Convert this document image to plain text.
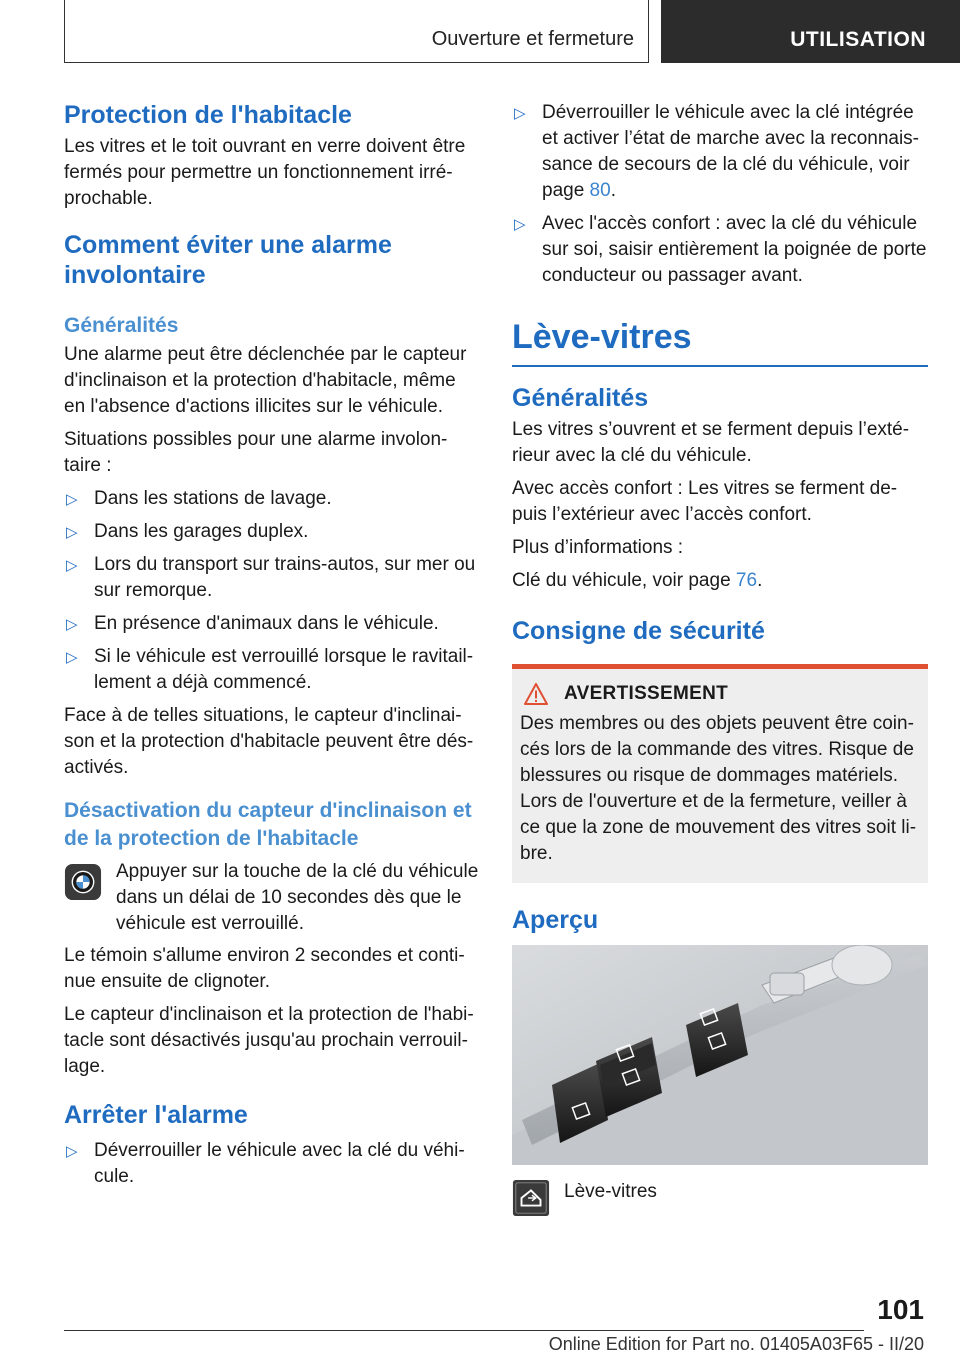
Ouverture et fermeture	UTILISATION
Protection de l'habitacle

Les vitres et le toit ouvrant en verre doivent être fermés pour permettre un fonctionnement irré-prochable.

Comment éviter une alarme involontaire
Généralités

Une alarme peut être déclenchée par le capteur d'inclinaison et la protection d'habitacle, même en l'absence d'actions illicites sur le véhicule.

Situations possibles pour une alarme involon-taire :

▷ Dans les stations de lavage.
▷ Dans les garages duplex.
▷ Lors du transport sur trains-autos, sur mer ou sur remorque.
▷ En présence d'animaux dans le véhicule.
▷ Si le véhicule est verrouillé lorsque le ravitail-lement a déjà commencé.

Face à de telles situations, le capteur d'inclinai-son et la protection d'habitacle peuvent être dés-activés.

Désactivation du capteur d'inclinaison et de la protection de l'habitacle

Appuyer sur la touche de la clé du véhicule dans un délai de 10 secondes dès que le véhicule est verrouillé.

Le témoin s'allume environ 2 secondes et conti-nue ensuite de clignoter.

Le capteur d'inclinaison et la protection de l'habi-tacle sont désactivés jusqu'au prochain verrouil-lage.

Arrêter l'alarme
▷ Déverrouiller le véhicule avec la clé du véhi-cule.
▷ Déverrouiller le véhicule avec la clé intégrée et activer l’état de marche avec la reconnais-sance de secours de la clé du véhicule, voir page 80.
▷ Avec l'accès confort : avec la clé du véhicule sur soi, saisir entièrement la poignée de porte conducteur ou passager avant.
Lève-vitres
Généralités

Les vitres s’ouvrent et se ferment depuis l’exté-rieur avec la clé du véhicule.

Avec accès confort : Les vitres se ferment de-puis l’extérieur avec l’accès confort.

Plus d’informations :

Clé du véhicule, voir page 76.

Consigne de sécurité
AVERTISSEMENT

Des membres ou des objets peuvent être coin-cés lors de la commande des vitres. Risque de blessures ou risque de dommages matériels. Lors de l'ouverture et de la fermeture, veiller à ce que la zone de mouvement des vitres soit li-bre.

Aperçu

Lève-vitres

101
Online Edition for Part no. 01405A03F65 - II/20
